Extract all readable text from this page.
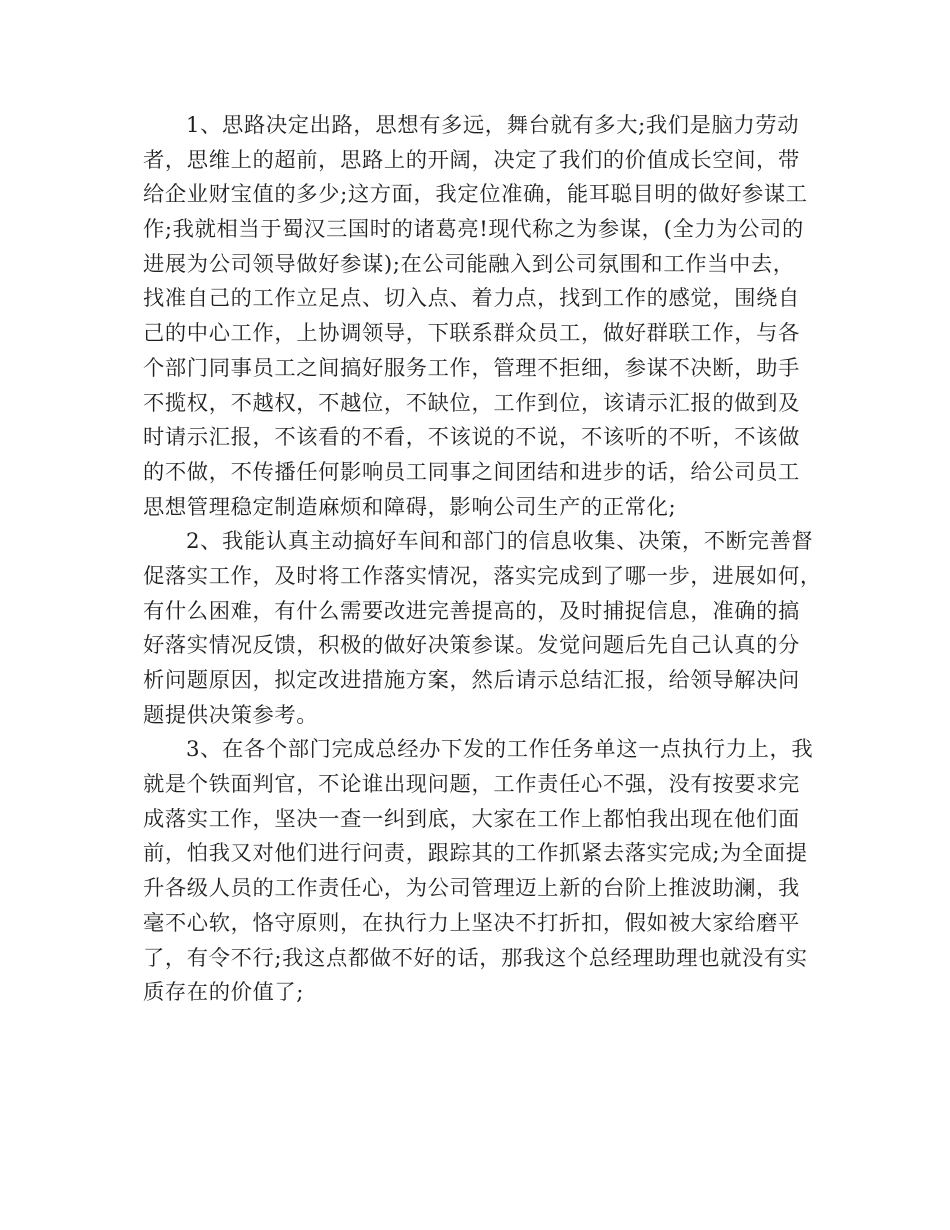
1、思路决定出路，思想有多远，舞台就有多大;我们是脑力劳动
者，思维上的超前，思路上的开阔，决定了我们的价值成长空间，带
给企业财宝值的多少;这方面，我定位准确，能耳聪目明的做好参谋工
作;我就相当于蜀汉三国时的诸葛亮!现代称之为参谋，(全力为公司的
进展为公司领导做好参谋);在公司能融入到公司氛围和工作当中去，
找准自己的工作立足点、切入点、着力点，找到工作的感觉，围绕自
己的中心工作，上协调领导，下联系群众员工，做好群联工作，与各
个部门同事员工之间搞好服务工作，管理不拒细，参谋不决断，助手
不揽权，不越权，不越位，不缺位，工作到位，该请示汇报的做到及
时请示汇报，不该看的不看，不该说的不说，不该听的不听，不该做
的不做，不传播任何影响员工同事之间团结和进步的话，给公司员工
思想管理稳定制造麻烦和障碍，影响公司生产的正常化;
2、我能认真主动搞好车间和部门的信息收集、决策，不断完善督
促落实工作，及时将工作落实情况，落实完成到了哪一步，进展如何，
有什么困难，有什么需要改进完善提高的，及时捕捉信息，准确的搞
好落实情况反馈，积极的做好决策参谋。发觉问题后先自己认真的分
析问题原因，拟定改进措施方案，然后请示总结汇报，给领导解决问
题提供决策参考。
3、在各个部门完成总经办下发的工作任务单这一点执行力上，我
就是个铁面判官，不论谁出现问题，工作责任心不强，没有按要求完
成落实工作，坚决一查一纠到底，大家在工作上都怕我出现在他们面
前，怕我又对他们进行问责，跟踪其的工作抓紧去落实完成;为全面提
升各级人员的工作责任心，为公司管理迈上新的台阶上推波助澜，我
毫不心软，恪守原则，在执行力上坚决不打折扣，假如被大家给磨平
了，有令不行;我这点都做不好的话，那我这个总经理助理也就没有实
质存在的价值了;
